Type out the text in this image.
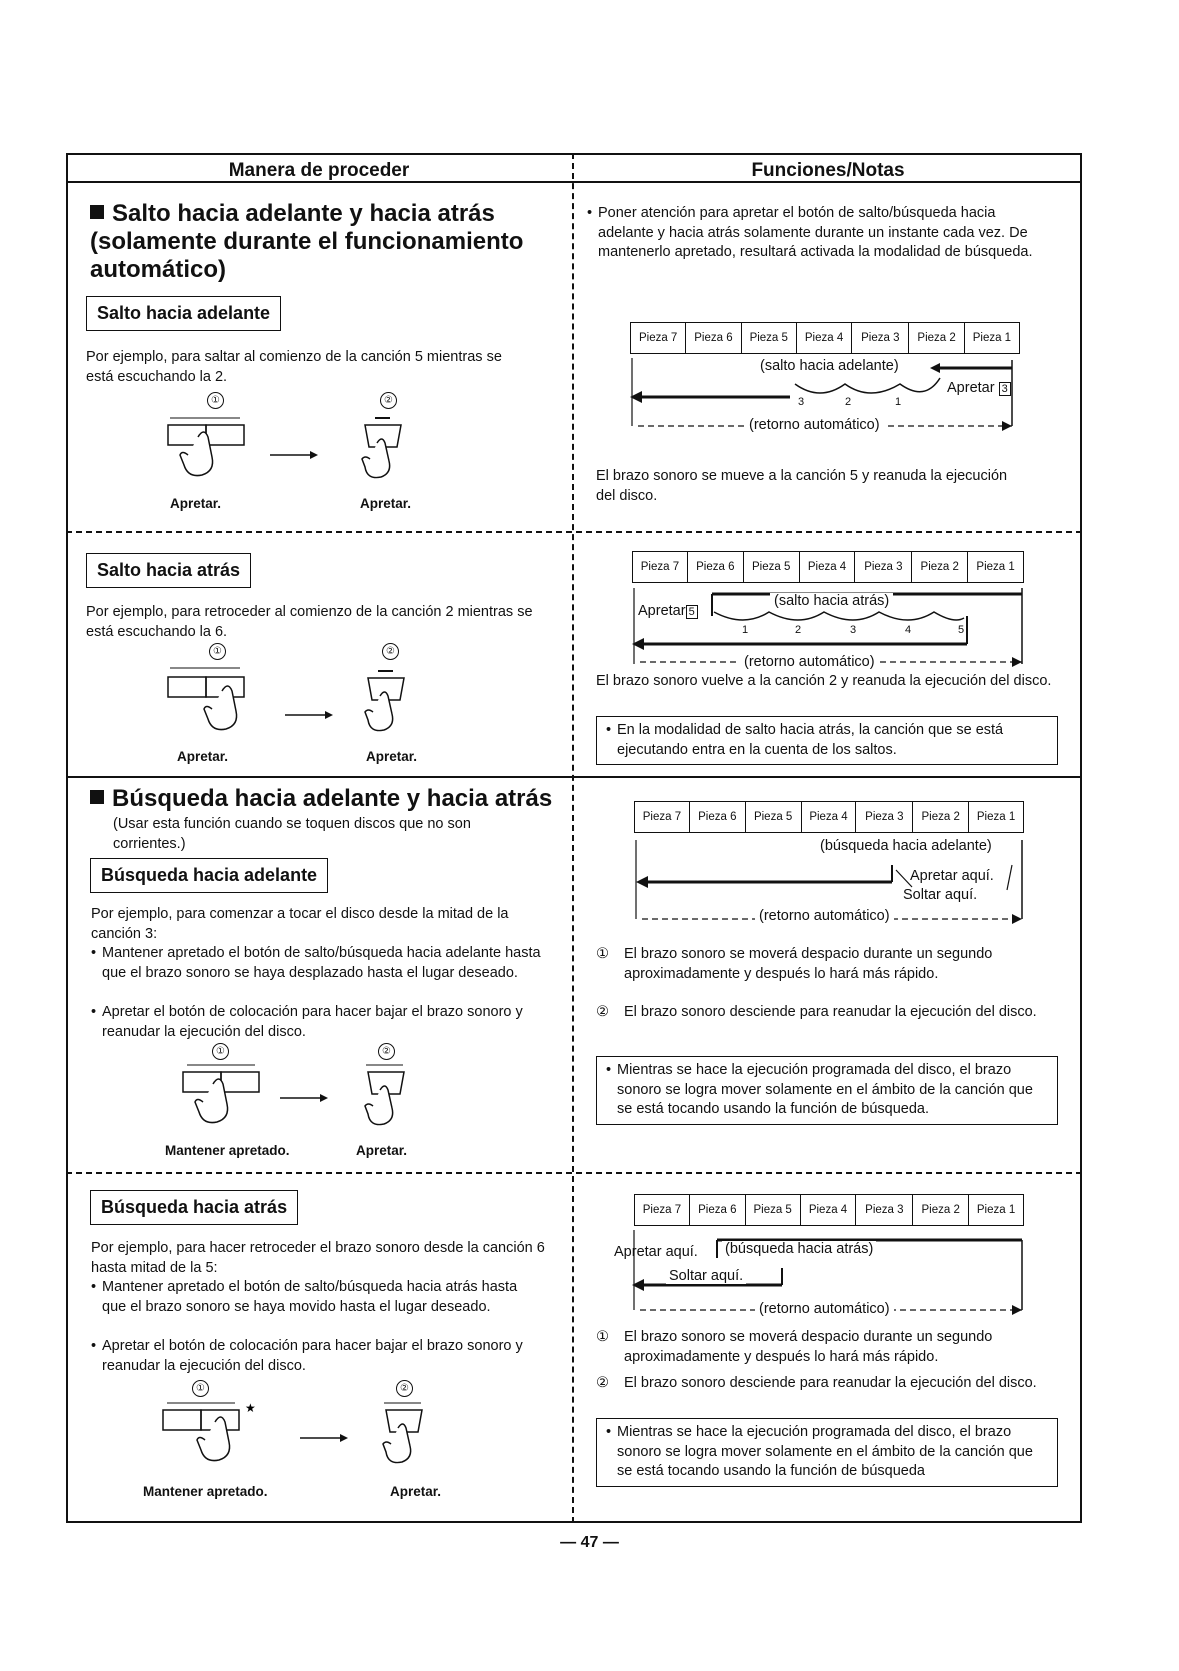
Manera de proceder	Funciones/Notas
Salto hacia adelante y hacia atrás (solamente durante el funcionamiento automático)
Salto hacia adelante
Por ejemplo, para saltar al comienzo de la canción 5 mientras se está escuchando la 2.
①	②
Apretar.	Apretar.
• Poner atención para apretar el botón de salto/búsqueda hacia adelante y hacia atrás solamente durante un instante cada vez. De mantenerlo apretado, resultará activada la modalidad de búsqueda.
Pieza 7	Pieza 6	Pieza 5	Pieza 4	Pieza 3	Pieza 2	Pieza 1
(salto hacia adelante)
3	2	1
Apretar 3
(retorno automático)
El brazo sonoro se mueve a la canción 5 y reanuda la ejecución del disco.
Salto hacia atrás
Por ejemplo, para retroceder al comienzo de la canción 2 mientras se está escuchando la 6.
①	②
Apretar.	Apretar.
Pieza 7	Pieza 6	Pieza 5	Pieza 4	Pieza 3	Pieza 2	Pieza 1
Apretar 5
(salto hacia atrás)
1	2	3	4	5
(retorno automático)
El brazo sonoro vuelve a la canción 2 y reanuda la ejecución del disco.
• En la modalidad de salto hacia atrás, la canción que se está ejecutando entra en la cuenta de los saltos.
Búsqueda hacia adelante y hacia atrás
(Usar esta función cuando se toquen discos que no son corrientes.)
Búsqueda hacia adelante
Por ejemplo, para comenzar a tocar el disco desde la mitad de la canción 3:
• Mantener apretado el botón de salto/búsqueda hacia adelante hasta que el brazo sonoro se haya desplazado hasta el lugar deseado.
• Apretar el botón de colocación para hacer bajar el brazo sonoro y reanudar la ejecución del disco.
①	②
Mantener apretado.	Apretar.
Pieza 7	Pieza 6	Pieza 5	Pieza 4	Pieza 3	Pieza 2	Pieza 1
(búsqueda hacia adelante)
Apretar aquí.
Soltar aquí.
(retorno automático)
①	El brazo sonoro se moverá despacio durante un segundo aproximadamente y después lo hará más rápido.
②	El brazo sonoro desciende para reanudar la ejecución del disco.
• Mientras se hace la ejecución programada del disco, el brazo sonoro se logra mover solamente en el ámbito de la canción que se está tocando usando la función de búsqueda.
Búsqueda hacia atrás
Por ejemplo, para hacer retroceder el brazo sonoro desde la canción 6 hasta mitad de la 5:
• Mantener apretado el botón de salto/búsqueda hacia atrás hasta que el brazo sonoro se haya movido hasta el lugar deseado.
• Apretar el botón de colocación para hacer bajar el brazo sonoro y reanudar la ejecución del disco.
①	②
★
Mantener apretado.	Apretar.
Pieza 7	Pieza 6	Pieza 5	Pieza 4	Pieza 3	Pieza 2	Pieza 1
Apretar aquí. (búsqueda hacia atrás)
Soltar aquí.
(retorno automático)
①	El brazo sonoro se moverá despacio durante un segundo aproximadamente y después lo hará más rápido.
②	El brazo sonoro desciende para reanudar la ejecución del disco.
• Mientras se hace la ejecución programada del disco, el brazo sonoro se logra mover solamente en el ámbito de la canción que se está tocando usando la función de búsqueda
— 47 —
